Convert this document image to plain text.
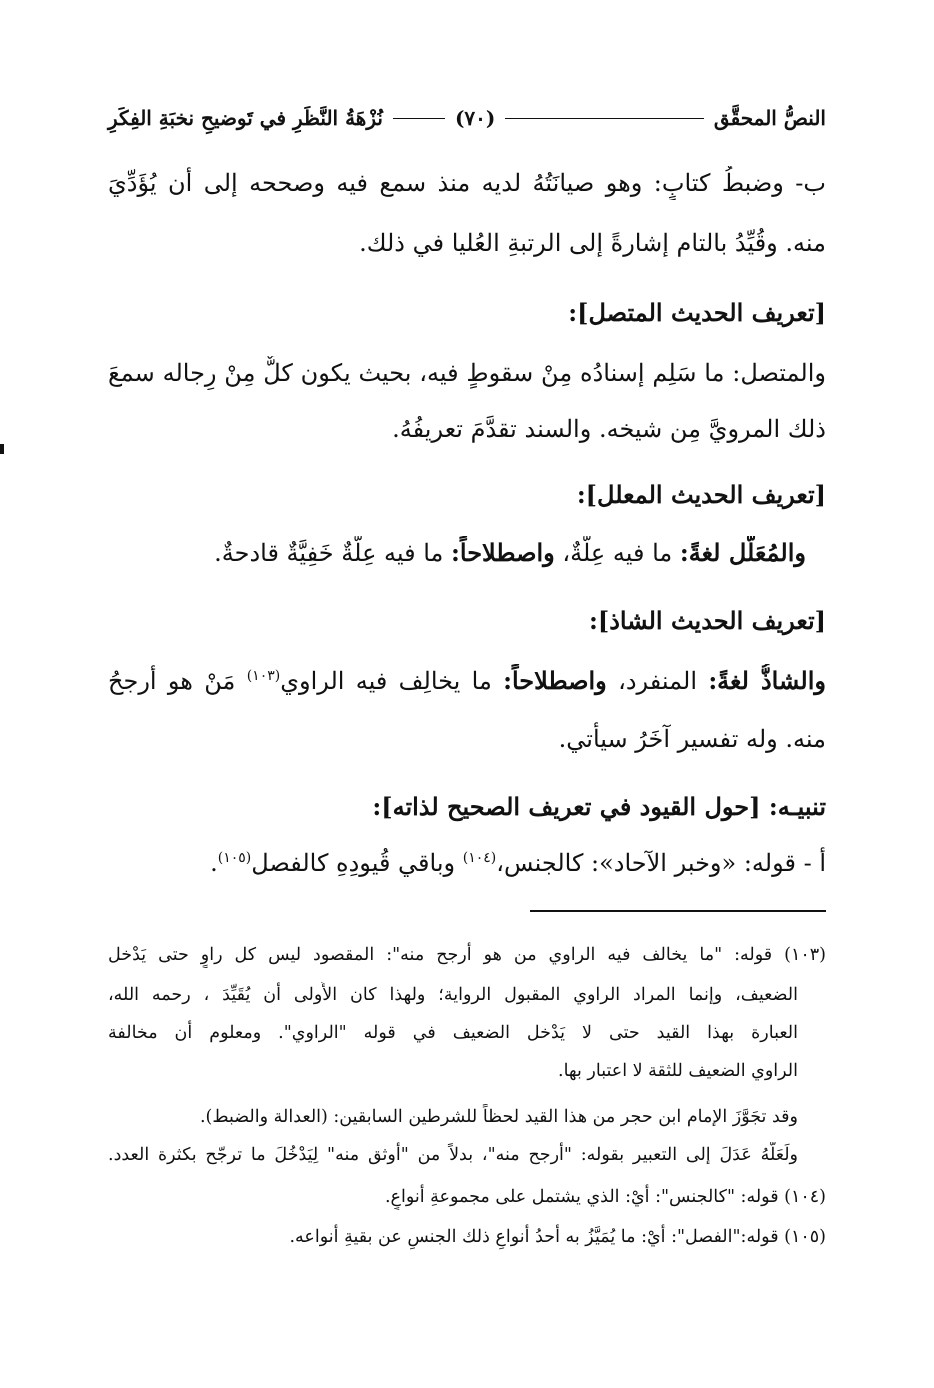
النصُّ المحقَّق
(٧٠)
نُزْهَةُ النَّظَرِ في تَوضيحِ نخبَةِ الفِكَرِ
ب- وضبطُ كتابٍ: وهو صيانَتُهُ لديه منذ سمع فيه وصححه إلى أن يُؤَدِّيَ
منه. وقُيِّدُ بالتام إشارةً إلى الرتبةِ العُليا في ذلك.
[تعريف الحديث المتصل]:
والمتصل: ما سَلِم إسنادُه مِنْ سقوطٍ فيه، بحيث يكون كلٌّ مِنْ رِجاله سمعَ
ذلك المرويَّ مِن شيخه. والسند تقدَّمَ تعريفُهُ.
[تعريف الحديث المعلل]:
والمُعَلّل لغةً: ما فيه عِلَّةٌ، واصطلاحاً: ما فيه عِلَّةٌ خَفِيَّةٌ قادحةٌ.
[تعريف الحديث الشاذ]:
والشاذُّ لغةً: المنفرد، واصطلاحاً: ما يخالِف فيه الراوي$^{(١٠٣)}$ مَنْ هو أرجحُ
منه. وله تفسير آخَرُ سيأتي.
تنبيـه: [حول القيود في تعريف الصحيح لذاته]:
أ - قوله: «وخبر الآحاد»: كالجنس،$^{(١٠٤)}$ وباقي قُيودِهِ كالفصل$^{(١٠٥)}$.
(١٠٣) قوله: "ما يخالف فيه الراوي من هو أرجح منه": المقصود ليس كل راوٍ حتى يَدْخل
الضعيف، وإنما المراد الراوي المقبول الرواية؛ ولهذا كان الأَولى أن يُقَيِّدَ ، رحمه الله،
العبارة بهذا القيد حتى لا يَدْخل الضعيف في قوله "الراوي". ومعلوم أن مخالفة
الراوي الضعيف للثقة لا اعتبار بها.
وقد تجَوَّزَ الإمام ابن حجر من هذا القيد لحظاً للشرطين السابقين: (العدالة والضبط).
ولَعَلَّهُ عَدَلَ إلى التعبير بقوله: "أرجح منه"، بدلاً من "أوثق منه" لِيَدْخُلَ ما ترجّح بكثرة العدد.
(١٠٤) قوله: "كالجنس": أَيْ: الذي يشتمل على مجموعةِ أنواعٍ.
(١٠٥) قوله:"الفصل": أَيْ: ما يُمَيَّزُ به أحدُ أنواعِ ذلك الجنسِ عن بقيةِ أنواعه.
